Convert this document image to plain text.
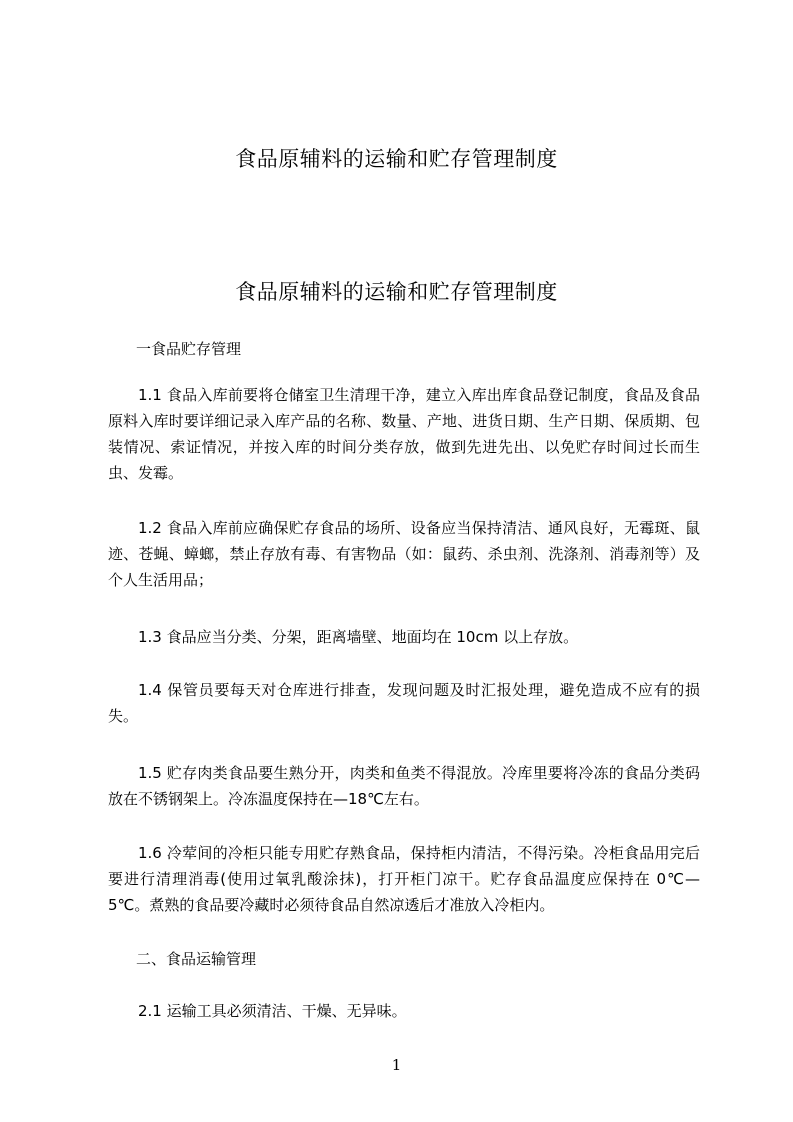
食品原辅料的运输和贮存管理制度
食品原辅料的运输和贮存管理制度

一食品贮存管理

1.1 食品入库前要将仓储室卫生清理干净，建立入库出库食品登记制度，食品及食品原料入库时要详细记录入库产品的名称、数量、产地、进货日期、生产日期、保质期、包装情况、索证情况，并按入库的时间分类存放，做到先进先出、以免贮存时间过长而生虫、发霉。

1.2 食品入库前应确保贮存食品的场所、设备应当保持清洁、通风良好，无霉斑、鼠迹、苍蝇、蟑螂，禁止存放有毒、有害物品（如：鼠药、杀虫剂、洗涤剂、消毒剂等）及个人生活用品；

1.3 食品应当分类、分架，距离墙壁、地面均在 10cm 以上存放。

1.4 保管员要每天对仓库进行排查，发现问题及时汇报处理，避免造成不应有的损失。

1.5 贮存肉类食品要生熟分开，肉类和鱼类不得混放。冷库里要将冷冻的食品分类码放在不锈钢架上。冷冻温度保持在—18℃左右。

1.6 冷荤间的冷柜只能专用贮存熟食品，保持柜内清洁，不得污染。冷柜食品用完后要进行清理消毒(使用过氧乳酸涂抹)，打开柜门凉干。贮存食品温度应保持在 0℃—5℃。煮熟的食品要冷藏时必须待食品自然凉透后才准放入冷柜内。

二、食品运输管理

2.1 运输工具必须清洁、干燥、无异味。

1
